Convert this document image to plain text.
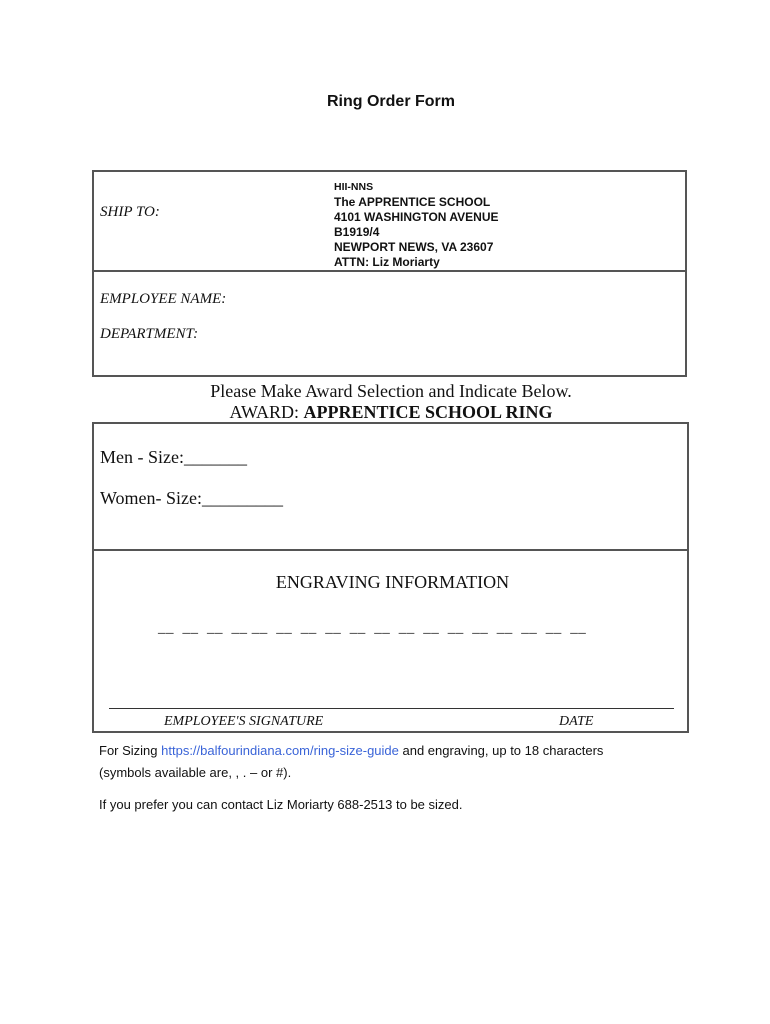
Ring Order Form
SHIP TO:
HII-NNS
The APPRENTICE SCHOOL
4101 WASHINGTON AVENUE
B1919/4
NEWPORT NEWS, VA 23607
ATTN: Liz Moriarty
EMPLOYEE NAME:
DEPARTMENT:
Please Make Award Selection and Indicate Below.
AWARD: APPRENTICE SCHOOL RING
Men - Size:_______
Women- Size:_________
ENGRAVING INFORMATION
__  __  __  __ __  __  __  __  __  __  __  __  __  __  __  __  __  __
EMPLOYEE'S SIGNATURE	DATE
For Sizing https://balfourindiana.com/ring-size-guide and engraving, up to 18 characters (symbols available are, , . – or #).
If you prefer you can contact Liz Moriarty 688-2513 to be sized.
